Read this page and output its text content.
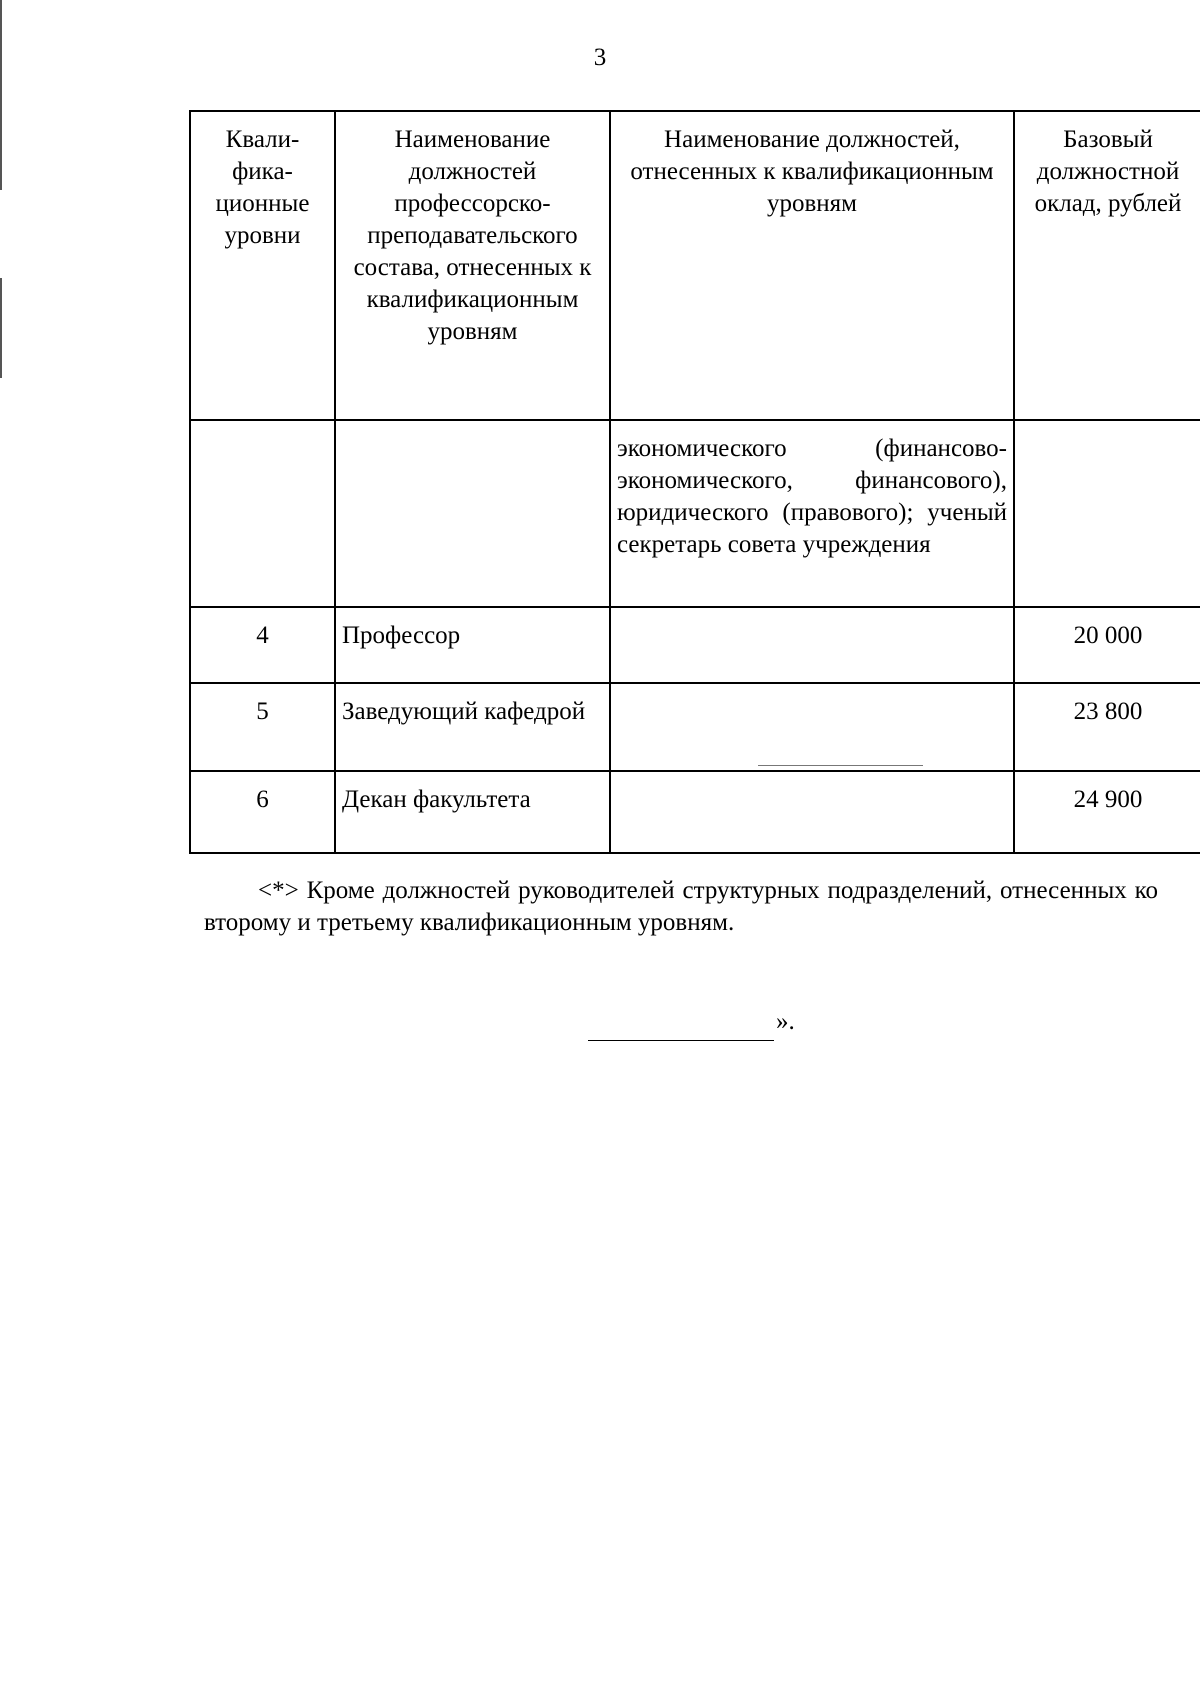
3
Квали-фика-ционные уровни	Наименование должностей профессорско-преподавательского состава, отнесенных к квалификационным уровням	Наименование должностей, отнесенных к квалификационным уровням	Базовый должностной оклад, рублей
		экономического (финансово-экономического, финансового), юридического (правового); ученый секретарь совета учреждения	
4	Профессор		20 000
5	Заведующий кафедрой		23 800
6	Декан факультета		24 900
<*> Кроме должностей руководителей структурных подразделений, отнесенных ко второму и третьему квалификационным уровням.
».
